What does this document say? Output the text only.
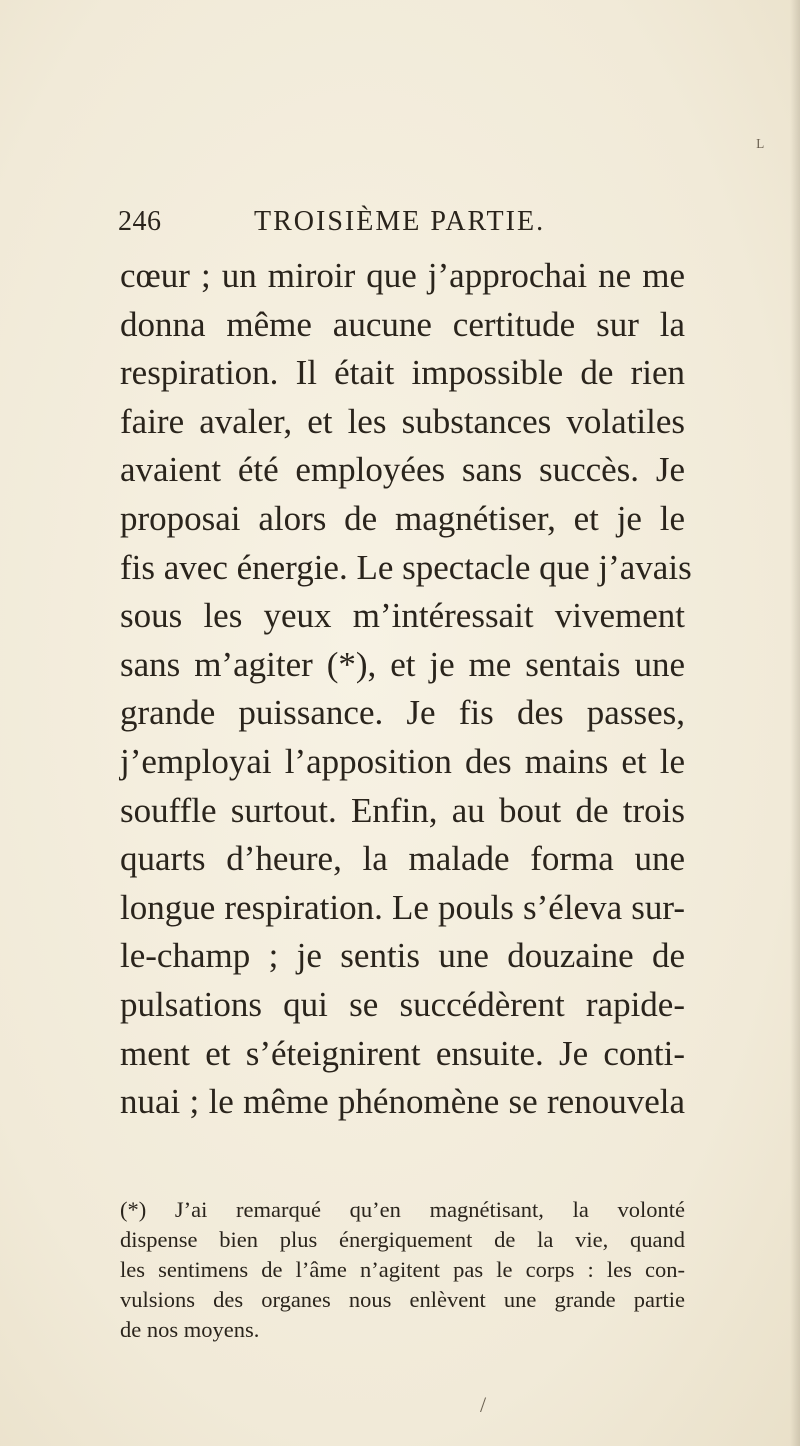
246	TROISIÈME PARTIE.
cœur ; un miroir que j’approchai ne me
donna même aucune certitude sur la
respiration. Il était impossible de rien
faire avaler, et les substances volatiles
avaient été employées sans succès. Je
proposai alors de magnétiser, et je le
fis avec énergie. Le spectacle que j’avais
sous les yeux m’intéressait vivement
sans m’agiter (*), et je me sentais une
grande puissance. Je fis des passes,
j’employai l’apposition des mains et le
souffle surtout. Enfin, au bout de trois
quarts d’heure, la malade forma une
longue respiration. Le pouls s’éleva sur-
le-champ ; je sentis une douzaine de
pulsations qui se succédèrent rapide-
ment et s’éteignirent ensuite. Je conti-
nuai ; le même phénomène se renouvela
(*) J’ai remarqué qu’en magnétisant, la volonté
dispense bien plus énergiquement de la vie, quand
les sentimens de l’âme n’agitent pas le corps : les con-
vulsions des organes nous enlèvent une grande partie
de nos moyens.
ᴸ
/
